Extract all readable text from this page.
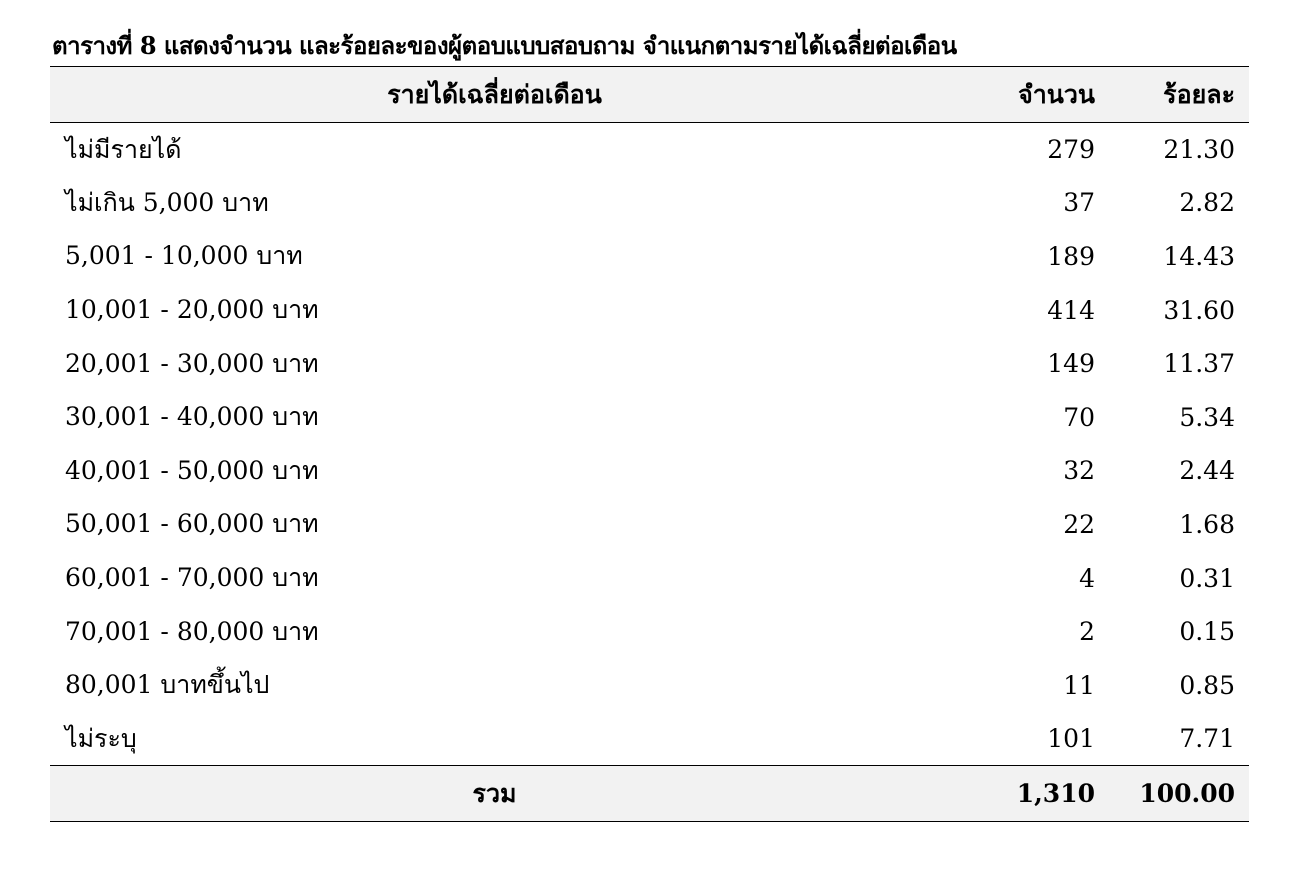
ตารางที่ 8 แสดงจำนวน และร้อยละของผู้ตอบแบบสอบถาม จำแนกตามรายได้เฉลี่ยต่อเดือน
รายได้เฉลี่ยต่อเดือน	จำนวน	ร้อยละ
ไม่มีรายได้	279	21.30
ไม่เกิน 5,000 บาท	37	2.82
5,001 - 10,000 บาท	189	14.43
10,001 - 20,000 บาท	414	31.60
20,001 - 30,000 บาท	149	11.37
30,001 - 40,000 บาท	70	5.34
40,001 - 50,000 บาท	32	2.44
50,001 - 60,000 บาท	22	1.68
60,001 - 70,000 บาท	4	0.31
70,001 - 80,000 บาท	2	0.15
80,001 บาทขึ้นไป	11	0.85
ไม่ระบุ	101	7.71
รวม	1,310	100.00
